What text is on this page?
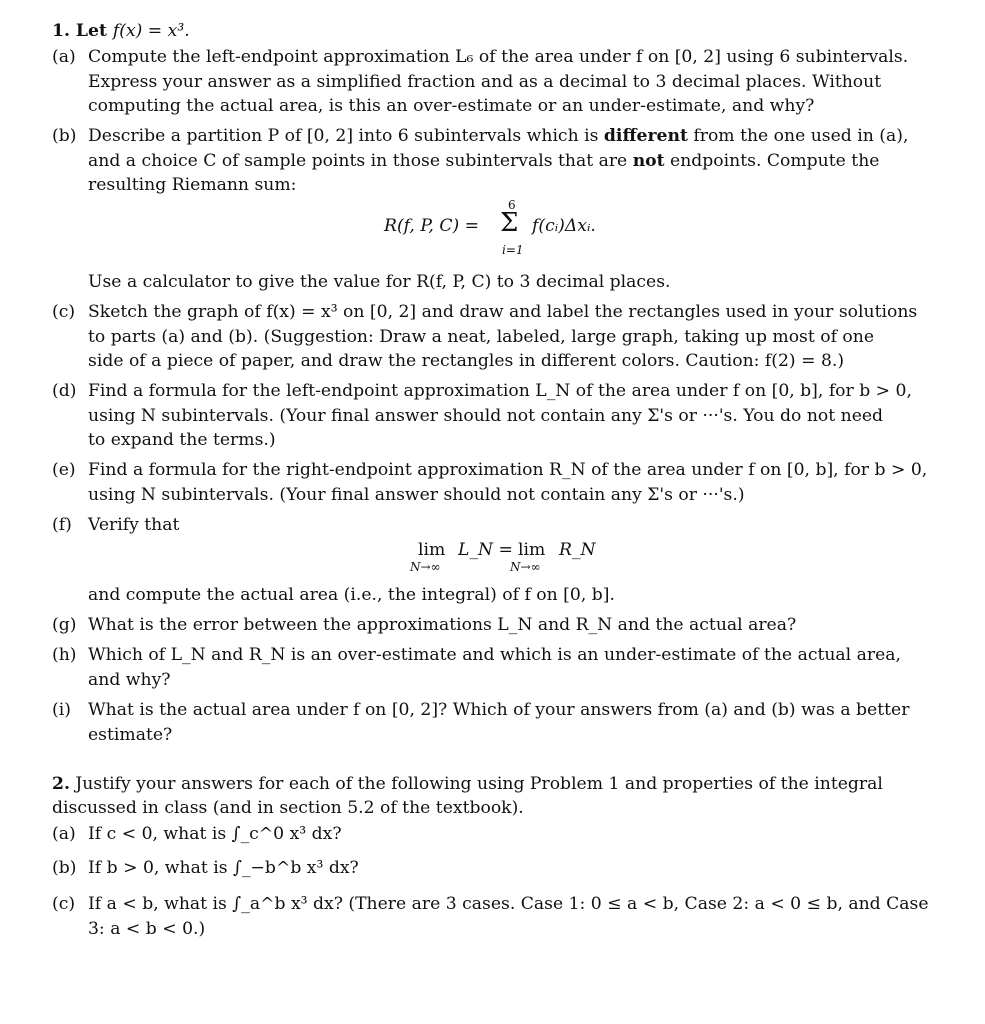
1. Let f(x) = x³.
(a) Compute the left-endpoint approximation L₆ of the area under f on [0, 2] using 6 subintervals.
Express your answer as a simplified fraction and as a decimal to 3 decimal places. Without
computing the actual area, is this an over-estimate or an under-estimate, and why?
(b) Describe a partition P of [0, 2] into 6 subintervals which is different from the one used in (a),
and a choice C of sample points in those subintervals that are not endpoints. Compute the
resulting Riemann sum:
R(f, P, C) =
6
Σ
i=1
f(cᵢ)Δxᵢ.
Use a calculator to give the value for R(f, P, C) to 3 decimal places.
(c) Sketch the graph of f(x) = x³ on [0, 2] and draw and label the rectangles used in your solutions
to parts (a) and (b). (Suggestion: Draw a neat, labeled, large graph, taking up most of one
side of a piece of paper, and draw the rectangles in different colors. Caution: f(2) = 8.)
(d) Find a formula for the left-endpoint approximation L_N of the area under f on [0, b], for b > 0,
using N subintervals. (Your final answer should not contain any Σ's or ···'s. You do not need
to expand the terms.)
(e) Find a formula for the right-endpoint approximation R_N of the area under f on [0, b], for b > 0,
using N subintervals. (Your final answer should not contain any Σ's or ···'s.)
(f) Verify that
lim
N→∞
L_N = lim
N→∞
R_N
and compute the actual area (i.e., the integral) of f on [0, b].
(g) What is the error between the approximations L_N and R_N and the actual area?
(h) Which of L_N and R_N is an over-estimate and which is an under-estimate of the actual area,
and why?
(i) What is the actual area under f on [0, 2]? Which of your answers from (a) and (b) was a better
estimate?
2. Justify your answers for each of the following using Problem 1 and properties of the integral
discussed in class (and in section 5.2 of the textbook).
(a) If c < 0, what is ∫_c^0 x³ dx?
(b) If b > 0, what is ∫_−b^b x³ dx?
(c) If a < b, what is ∫_a^b x³ dx? (There are 3 cases. Case 1: 0 ≤ a < b, Case 2: a < 0 ≤ b, and Case
3: a < b < 0.)
